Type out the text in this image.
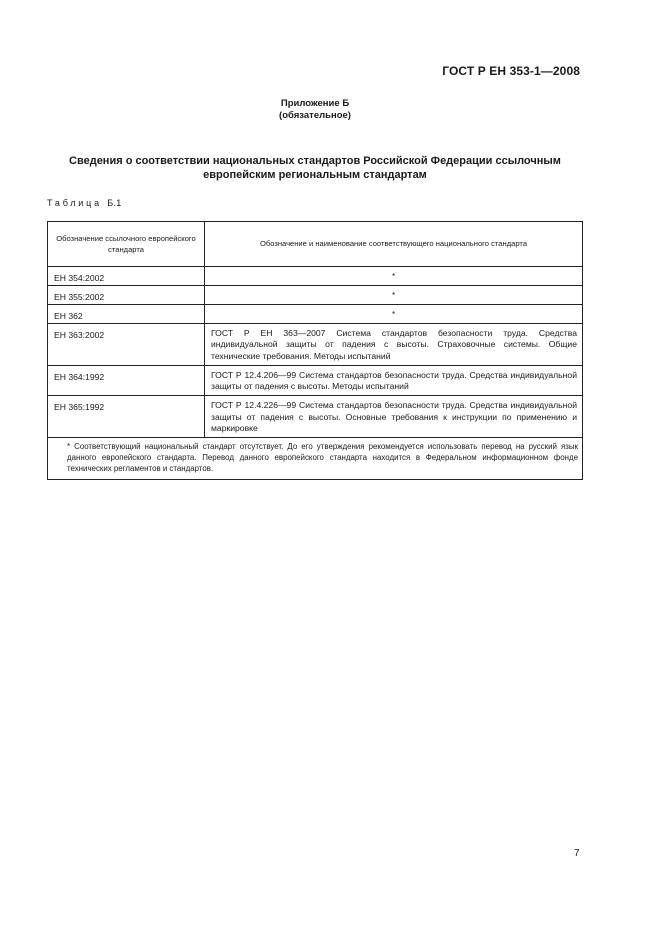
ГОСТ Р ЕН 353-1—2008
Приложение Б
(обязательное)
Сведения о соответствии национальных стандартов Российской Федерации ссылочным
европейским региональным стандартам
Таблица Б.1
Обозначение ссылочного европейского стандарта	Обозначение и наименование соответствующего национального стандарта
ЕН 354:2002	*
ЕН 355:2002	*
ЕН 362	*
ЕН 363:2002	ГОСТ Р ЕН 363—2007 Система стандартов безопасности труда. Средства индивидуальной защиты от падения с высоты. Страховочные системы. Общие технические требования. Методы испытаний
ЕН 364:1992	ГОСТ Р 12.4.206—99 Система стандартов безопасности труда. Средства индивидуальной защиты от падения с высоты. Методы испытаний
ЕН 365:1992	ГОСТ Р 12.4.226—99 Система стандартов безопасности труда. Средства индивидуальной защиты от падения с высоты. Основные требования к инструкции по применению и маркировке

* Соответствующий национальный стандарт отсутствует. До его утверждения рекомендуется использовать перевод на русский язык данного европейского стандарта. Перевод данного европейского стандарта находится в Федеральном информационном фонде технических регламентов и стандартов.	
7
